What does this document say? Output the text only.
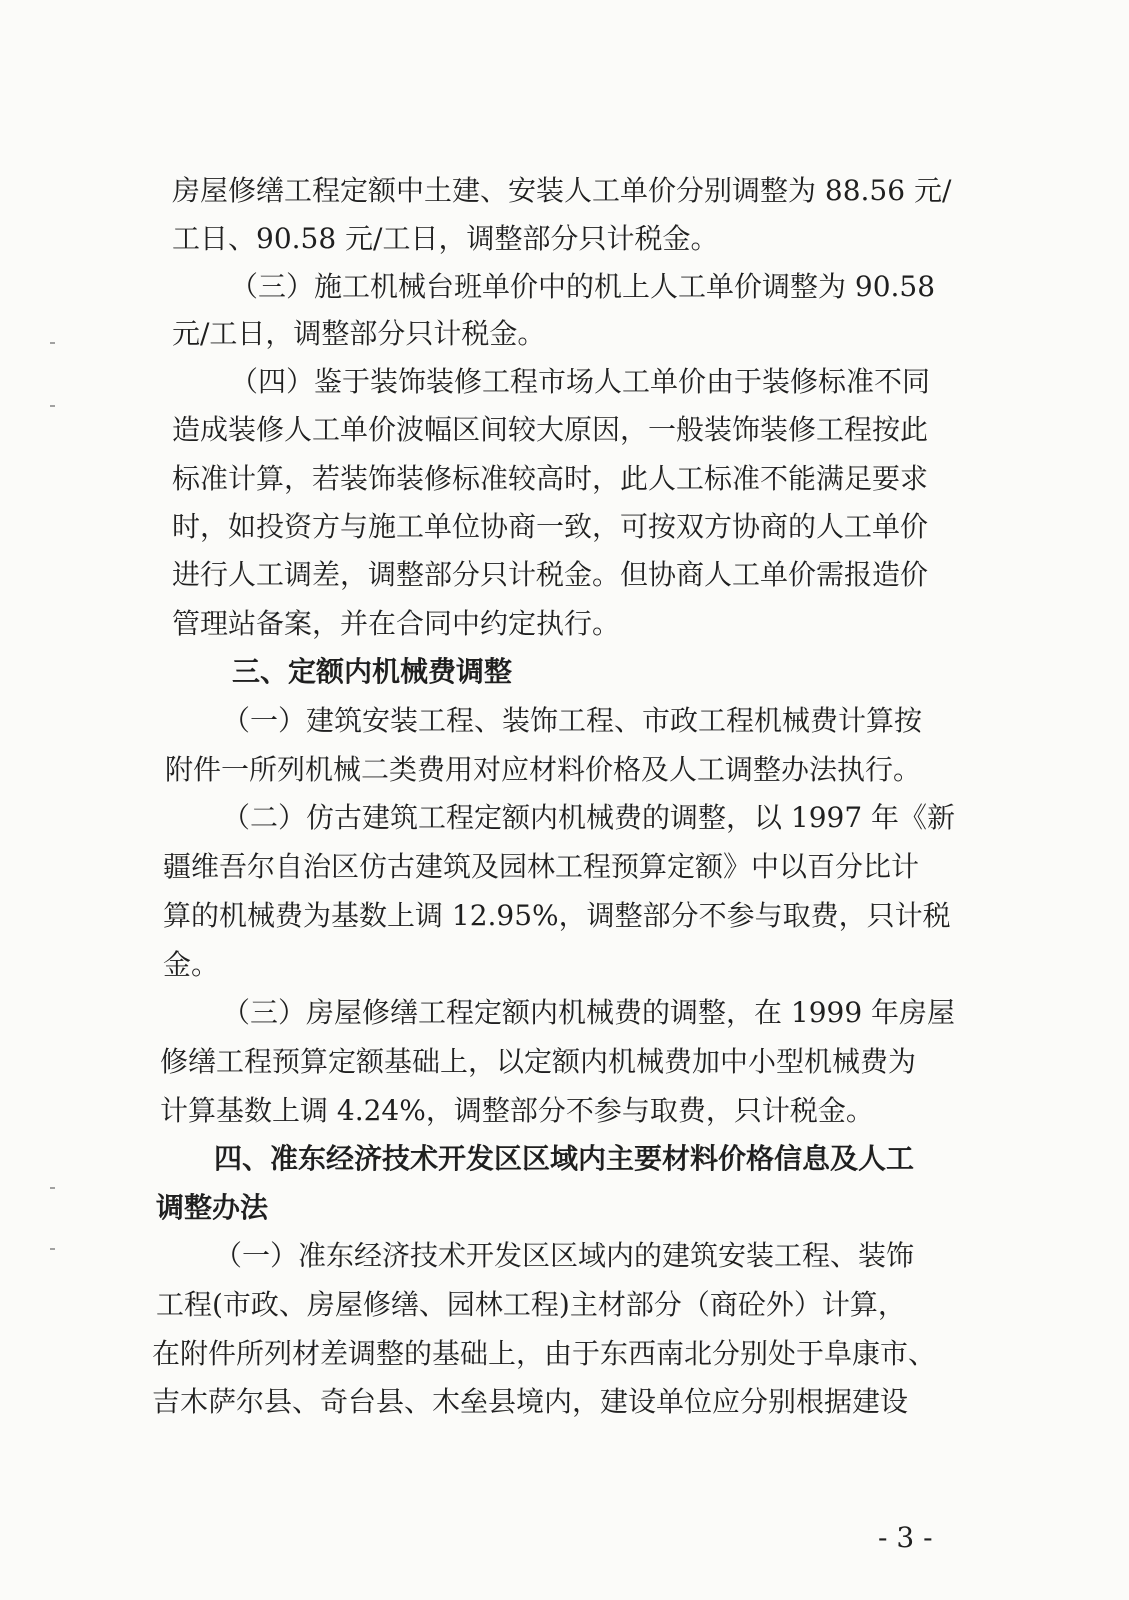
房屋修缮工程定额中土建、安装人工单价分别调整为 88.56 元/
工日、90.58 元/工日，调整部分只计税金。
（三）施工机械台班单价中的机上人工单价调整为 90.58
元/工日，调整部分只计税金。
（四）鉴于装饰装修工程市场人工单价由于装修标准不同
造成装修人工单价波幅区间较大原因，一般装饰装修工程按此
标准计算，若装饰装修标准较高时，此人工标准不能满足要求
时，如投资方与施工单位协商一致，可按双方协商的人工单价
进行人工调差，调整部分只计税金。但协商人工单价需报造价
管理站备案，并在合同中约定执行。
三、定额内机械费调整
（一）建筑安装工程、装饰工程、市政工程机械费计算按
附件一所列机械二类费用对应材料价格及人工调整办法执行。
（二）仿古建筑工程定额内机械费的调整，以 1997 年《新
疆维吾尔自治区仿古建筑及园林工程预算定额》中以百分比计
算的机械费为基数上调 12.95%，调整部分不参与取费，只计税
金。
（三）房屋修缮工程定额内机械费的调整，在 1999 年房屋
修缮工程预算定额基础上，以定额内机械费加中小型机械费为
计算基数上调 4.24%，调整部分不参与取费，只计税金。
四、准东经济技术开发区区域内主要材料价格信息及人工
调整办法
（一）准东经济技术开发区区域内的建筑安装工程、装饰
工程(市政、房屋修缮、园林工程)主材部分（商砼外）计算，
在附件所列材差调整的基础上，由于东西南北分别处于阜康市、
吉木萨尔县、奇台县、木垒县境内，建设单位应分别根据建设
- 3 -
